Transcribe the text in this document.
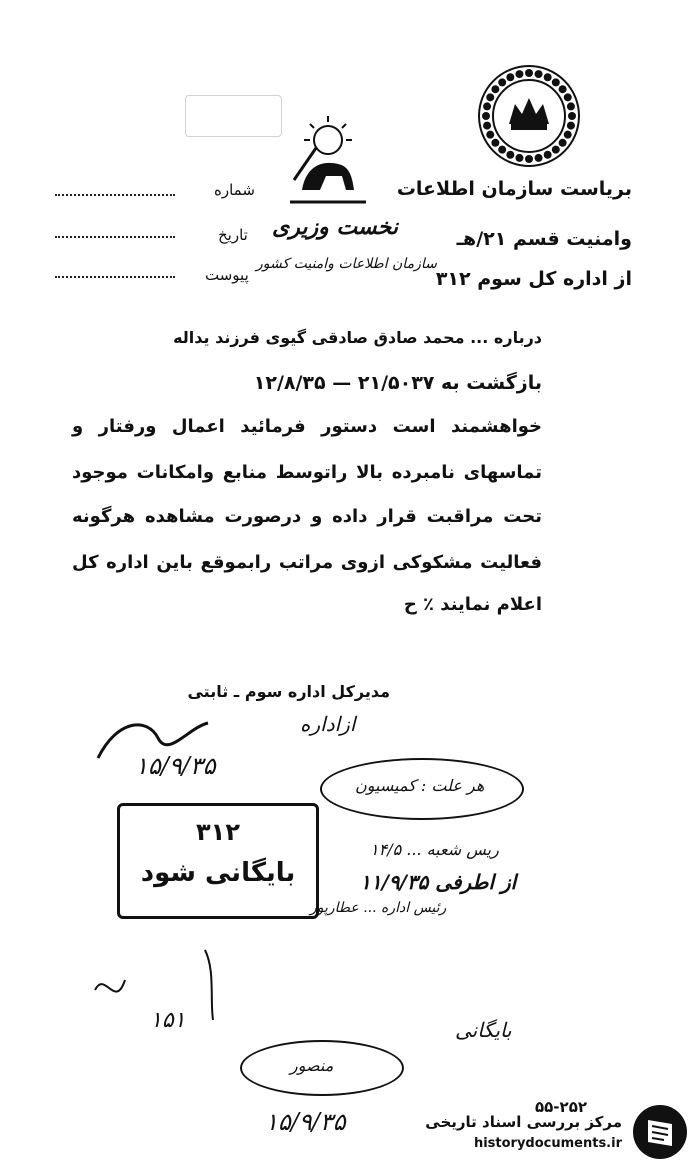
بریاست سازمان اطلاعات
وامنیت قسم ۲۱/هـ
از اداره کل سوم ۳۱۲
نخست وزیری
سازمان اطلاعات وامنیت کشور
شماره
تاریخ
پیوست
درباره ... محمد صادق صادقی گیوی فرزند یداله
بازگشت به ۲۱/۵۰۳۷ — ۱۲/۸/۳۵
خواهشمند است دستور فرمائید اعمال ورفتار و
تماسهای نامبرده بالا راتوسط منابع وامکانات موجود
تحت مراقبت قرار داده و درصورت مشاهده هرگونه
فعالیت مشکوکی ازوی مراتب رابموقع باین اداره کل
اعلام نمایند ٪ ح
مدیرکل اداره سوم ـ ثابتی
ازاداره
۱۵/۹/۳۵
هر علت : کمیسیون
ریس شعبه ... ۱۴/۵
از اطرفی ۱۱/۹/۳۵
رئیس اداره ... عطارپور
۳۱۲
بایگانی شود
۱۵۱	بایگانی
منصور
۱۵/۹/۳۵
۵۵-۲۵۲
مرکز بررسی اسناد تاریخی
historydocuments.ir
